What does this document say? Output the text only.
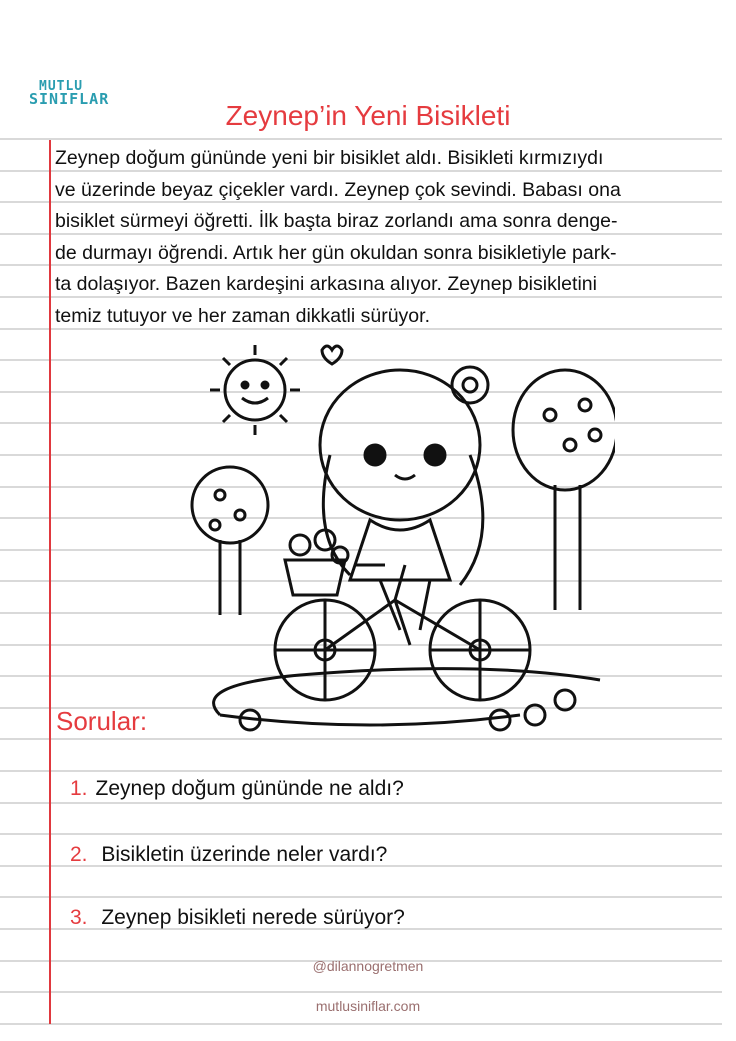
MUTLU
SINIFLAR
Zeynep’in Yeni Bisikleti
Zeynep doğum gününde yeni bir bisiklet aldı. Bisikleti kırmızıydı
ve üzerinde beyaz çiçekler vardı. Zeynep çok sevindi. Babası ona
bisiklet sürmeyi öğretti. İlk başta biraz zorlandı ama sonra denge-
de durmayı öğrendi. Artık her gün okuldan sonra bisikletiyle park-
ta dolaşıyor. Bazen kardeşini arkasına alıyor. Zeynep bisikletini
temiz tutuyor ve her zaman dikkatli sürüyor.
Sorular:
1. Zeynep doğum gününde ne aldı?
2. Bisikletin üzerinde neler vardı?
3. Zeynep bisikleti nerede sürüyor?
@dilannogretmen
mutlusiniflar.com
